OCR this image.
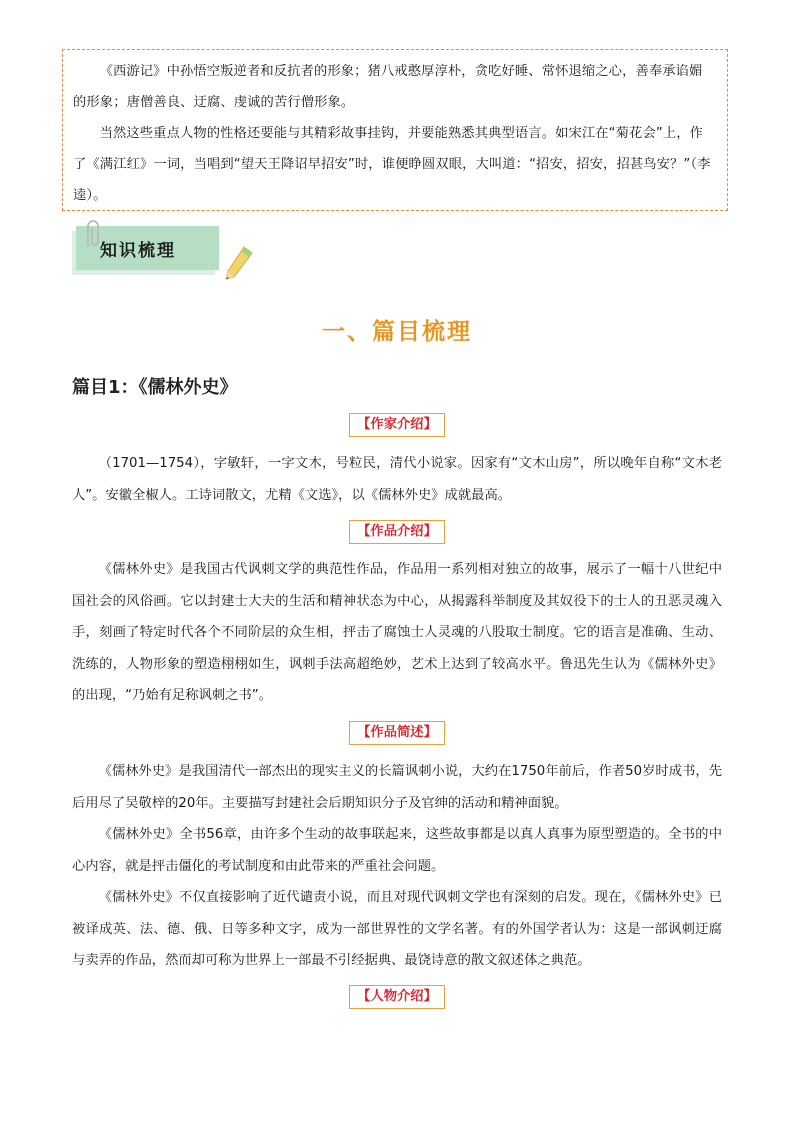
《西游记》中孙悟空叛逆者和反抗者的形象；猪八戒憨厚淳朴，贪吃好睡、常怀退缩之心，善奉承谄媚的形象；唐僧善良、迂腐、虔诚的苦行僧形象。

当然这些重点人物的性格还要能与其精彩故事挂钩，并要能熟悉其典型语言。如宋江在“菊花会”上，作了《满江红》一词，当唱到“望天王降诏早招安”时，谁便睁圆双眼，大叫道：“招安，招安，招甚鸟安？”（李逵）。

知识梳理
一、篇目梳理
篇目1：《儒林外史》
【作家介绍】

（1701—1754），字敏轩，一字文木，号粒民，清代小说家。因家有“文木山房”，所以晚年自称“文木老人”。安徽全椒人。工诗词散文，尤精《文选》，以《儒林外史》成就最高。

【作品介绍】

《儒林外史》是我国古代讽刺文学的典范性作品，作品用一系列相对独立的故事，展示了一幅十八世纪中国社会的风俗画。它以封建士大夫的生活和精神状态为中心，从揭露科举制度及其奴役下的士人的丑恶灵魂入手，刻画了特定时代各个不同阶层的众生相，抨击了腐蚀士人灵魂的八股取士制度。它的语言是准确、生动、洗练的，人物形象的塑造栩栩如生，讽刺手法高超绝妙，艺术上达到了较高水平。鲁迅先生认为《儒林外史》的出现，“乃始有足称讽刺之书”。

【作品简述】

《儒林外史》是我国清代一部杰出的现实主义的长篇讽刺小说，大约在1750年前后，作者50岁时成书，先后用尽了吴敬梓的20年。主要描写封建社会后期知识分子及官绅的活动和精神面貌。

《儒林外史》全书56章，由许多个生动的故事联起来，这些故事都是以真人真事为原型塑造的。全书的中心内容，就是抨击僵化的考试制度和由此带来的严重社会问题。

《儒林外史》不仅直接影响了近代谴责小说，而且对现代讽刺文学也有深刻的启发。现在，《儒林外史》已被译成英、法、德、俄、日等多种文字，成为一部世界性的文学名著。有的外国学者认为：这是一部讽刺迂腐与卖弄的作品，然而却可称为世界上一部最不引经据典、最饶诗意的散文叙述体之典范。

【人物介绍】
